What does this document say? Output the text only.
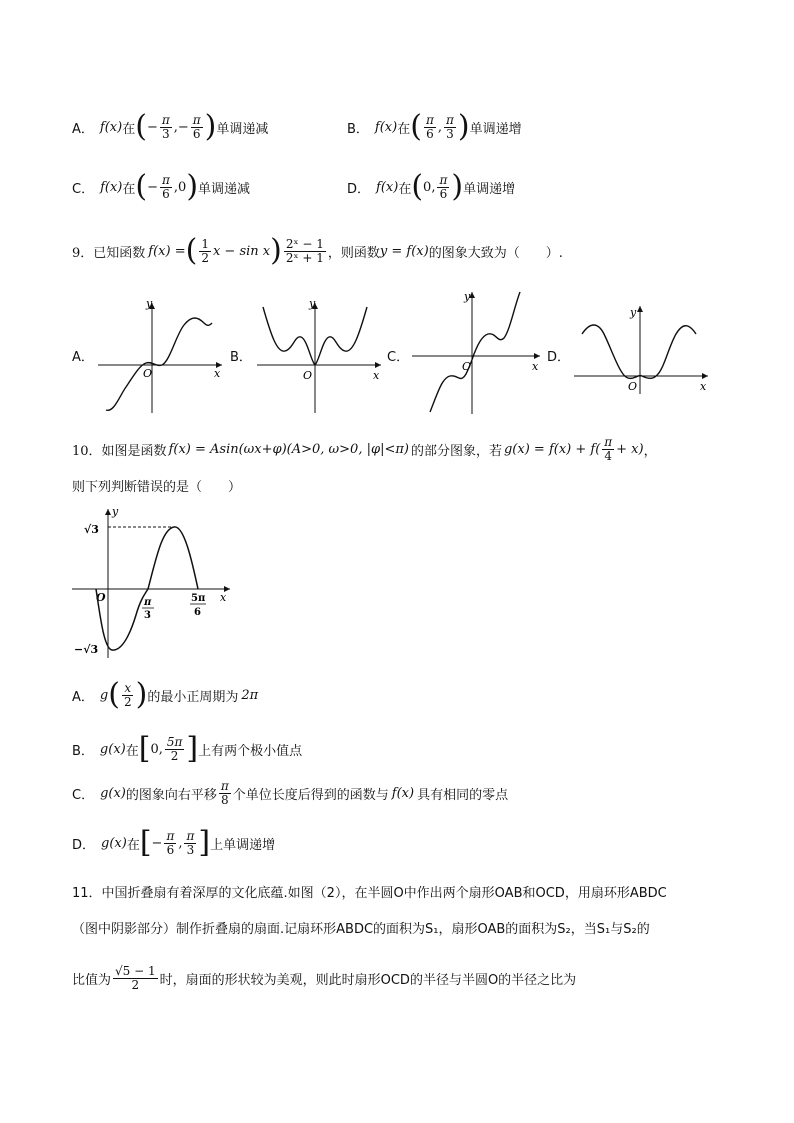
A． f(x) 在 ( − $\frac{\pi}{3}$ ,− $\frac{\pi}{6}$ ) 单调递减	B． f(x) 在 ( $\frac{\pi}{6}$ , $\frac{\pi}{3}$ ) 单调递增
C． f(x) 在 ( − $\frac{\pi}{6} ,0$ ) 单调递减	D． f(x) 在 ( 0, $\frac{\pi}{6}$ ) 单调递增
9． 已知函数 f(x) = ( $\frac{1}{2}$ x − sin x ) $\frac{\text{2ˣ − 1}}{\text{2ˣ + 1}}$ ，则函数 y = f(x) 的图象大致为（　　）.
A．	B．	C．	D．
y
x
O
y
x
O
y
x
O
y
x
O
10． 如图是函数 f(x) = Asin(ωx+φ)(A>0, ω>0, |φ|<π) 的部分图象，若 $g(x) = f(x) + f( \frac{\pi}{4} + x)$ ，
则下列判断错误的是（　　）
y
x
O
√3
−√3
π
3
5π
6
A． g ( $\frac{x}{2}$ ) 的最小正周期为 2π
B． g(x) 在 [ 0, $\frac{5\pi}{2}$ ] 上有两个极小值点
C． g(x) 的图象向右平移 $\frac{\pi}{8}$ 个单位长度后得到的函数与 f(x) 具有相同的零点
D． g(x) 在 [ − $\frac{\pi}{6}$ , $\frac{\pi}{3}$ ] 上单调递增
11．中国折叠扇有着深厚的文化底蕴.如图（2），在半圆O中作出两个扇形OAB和OCD，用扇环形ABDC
（图中阴影部分）制作折叠扇的扇面.记扇环形ABDC的面积为S₁，扇形OAB的面积为S₂，当S₁与S₂的
比值为 $\frac{√5 - 1}{2}$ 时，扇面的形状较为美观，则此时扇形OCD的半径与半圆O的半径之比为
